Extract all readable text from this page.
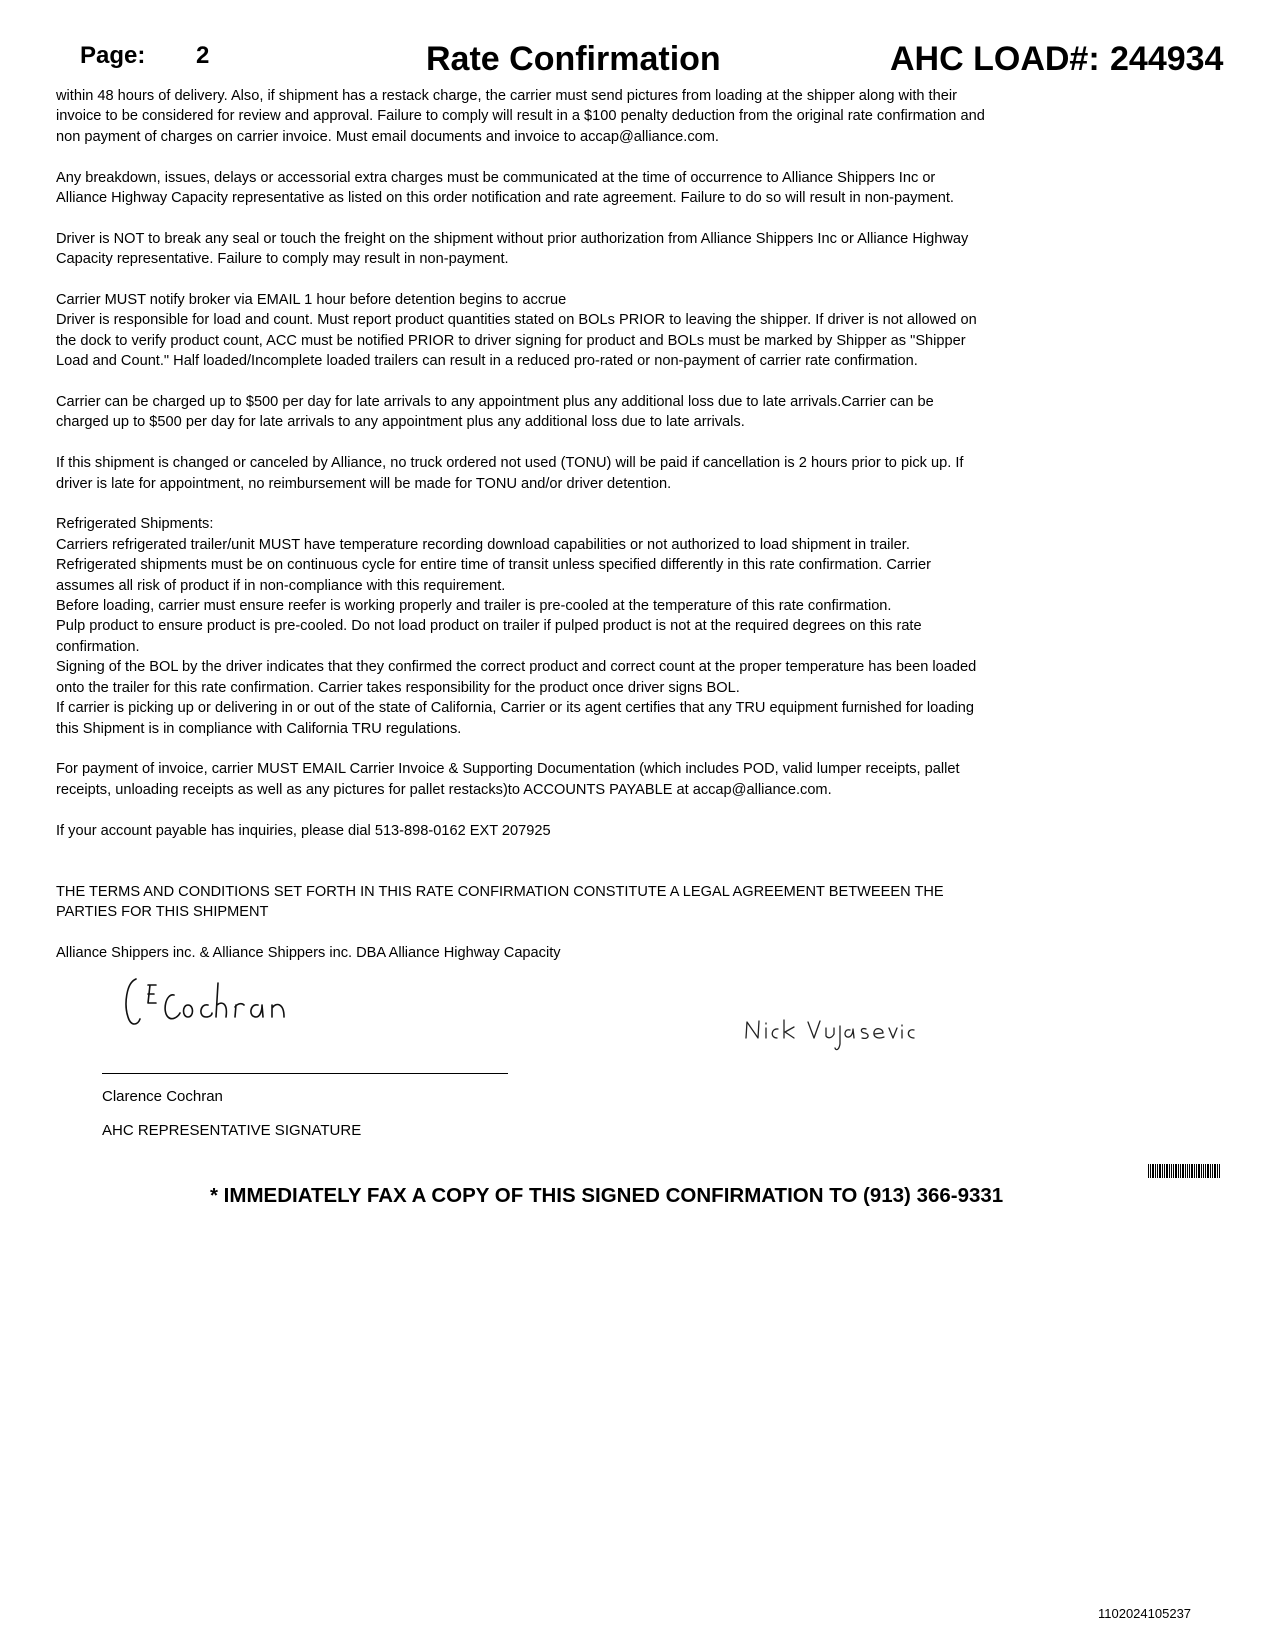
Page: 2	Rate Confirmation	AHC LOAD#: 244934

within 48 hours of delivery. Also, if shipment has a restack charge, the carrier must send pictures from loading at the shipper along with their
invoice to be considered for review and approval. Failure to comply will result in a $100 penalty deduction from the original rate confirmation and
non payment of charges on carrier invoice. Must email documents and invoice to accap@alliance.com.

Any breakdown, issues, delays or accessorial extra charges must be communicated at the time of occurrence to Alliance Shippers Inc or
Alliance Highway Capacity representative as listed on this order notification and rate agreement. Failure to do so will result in non-payment.

Driver is NOT to break any seal or touch the freight on the shipment without prior authorization from Alliance Shippers Inc or Alliance Highway
Capacity representative. Failure to comply may result in non-payment.

Carrier MUST notify broker via EMAIL 1 hour before detention begins to accrue
Driver is responsible for load and count. Must report product quantities stated on BOLs PRIOR to leaving the shipper. If driver is not allowed on
the dock to verify product count, ACC must be notified PRIOR to driver signing for product and BOLs must be marked by Shipper as "Shipper
Load and Count." Half loaded/Incomplete loaded trailers can result in a reduced pro-rated or non-payment of carrier rate confirmation.

Carrier can be charged up to $500 per day for late arrivals to any appointment plus any additional loss due to late arrivals.Carrier can be
charged up to $500 per day for late arrivals to any appointment plus any additional loss due to late arrivals.

If this shipment is changed or canceled by Alliance, no truck ordered not used (TONU) will be paid if cancellation is 2 hours prior to pick up. If
driver is late for appointment, no reimbursement will be made for TONU and/or driver detention.

Refrigerated Shipments:
Carriers refrigerated trailer/unit MUST have temperature recording download capabilities or not authorized to load shipment in trailer.
Refrigerated shipments must be on continuous cycle for entire time of transit unless specified differently in this rate confirmation. Carrier
assumes all risk of product if in non-compliance with this requirement.
Before loading, carrier must ensure reefer is working properly and trailer is pre-cooled at the temperature of this rate confirmation.
Pulp product to ensure product is pre-cooled. Do not load product on trailer if pulped product is not at the required degrees on this rate
confirmation.
Signing of the BOL by the driver indicates that they confirmed the correct product and correct count at the proper temperature has been loaded
onto the trailer for this rate confirmation. Carrier takes responsibility for the product once driver signs BOL.
If carrier is picking up or delivering in or out of the state of California, Carrier or its agent certifies that any TRU equipment furnished for loading
this Shipment is in compliance with California TRU regulations.

For payment of invoice, carrier MUST EMAIL Carrier Invoice & Supporting Documentation (which includes POD, valid lumper receipts, pallet
receipts, unloading receipts as well as any pictures for pallet restacks)to ACCOUNTS PAYABLE at accap@alliance.com.

If your account payable has inquiries, please dial 513-898-0162 EXT 207925

THE TERMS AND CONDITIONS SET FORTH IN THIS RATE CONFIRMATION CONSTITUTE A LEGAL AGREEMENT BETWEEEN THE
PARTIES FOR THIS SHIPMENT

Alliance Shippers inc. & Alliance Shippers inc. DBA Alliance Highway Capacity

Clarence Cochran
AHC REPRESENTATIVE SIGNATURE
* IMMEDIATELY FAX A COPY OF THIS SIGNED CONFIRMATION TO (913) 366-9331
1102024105237
